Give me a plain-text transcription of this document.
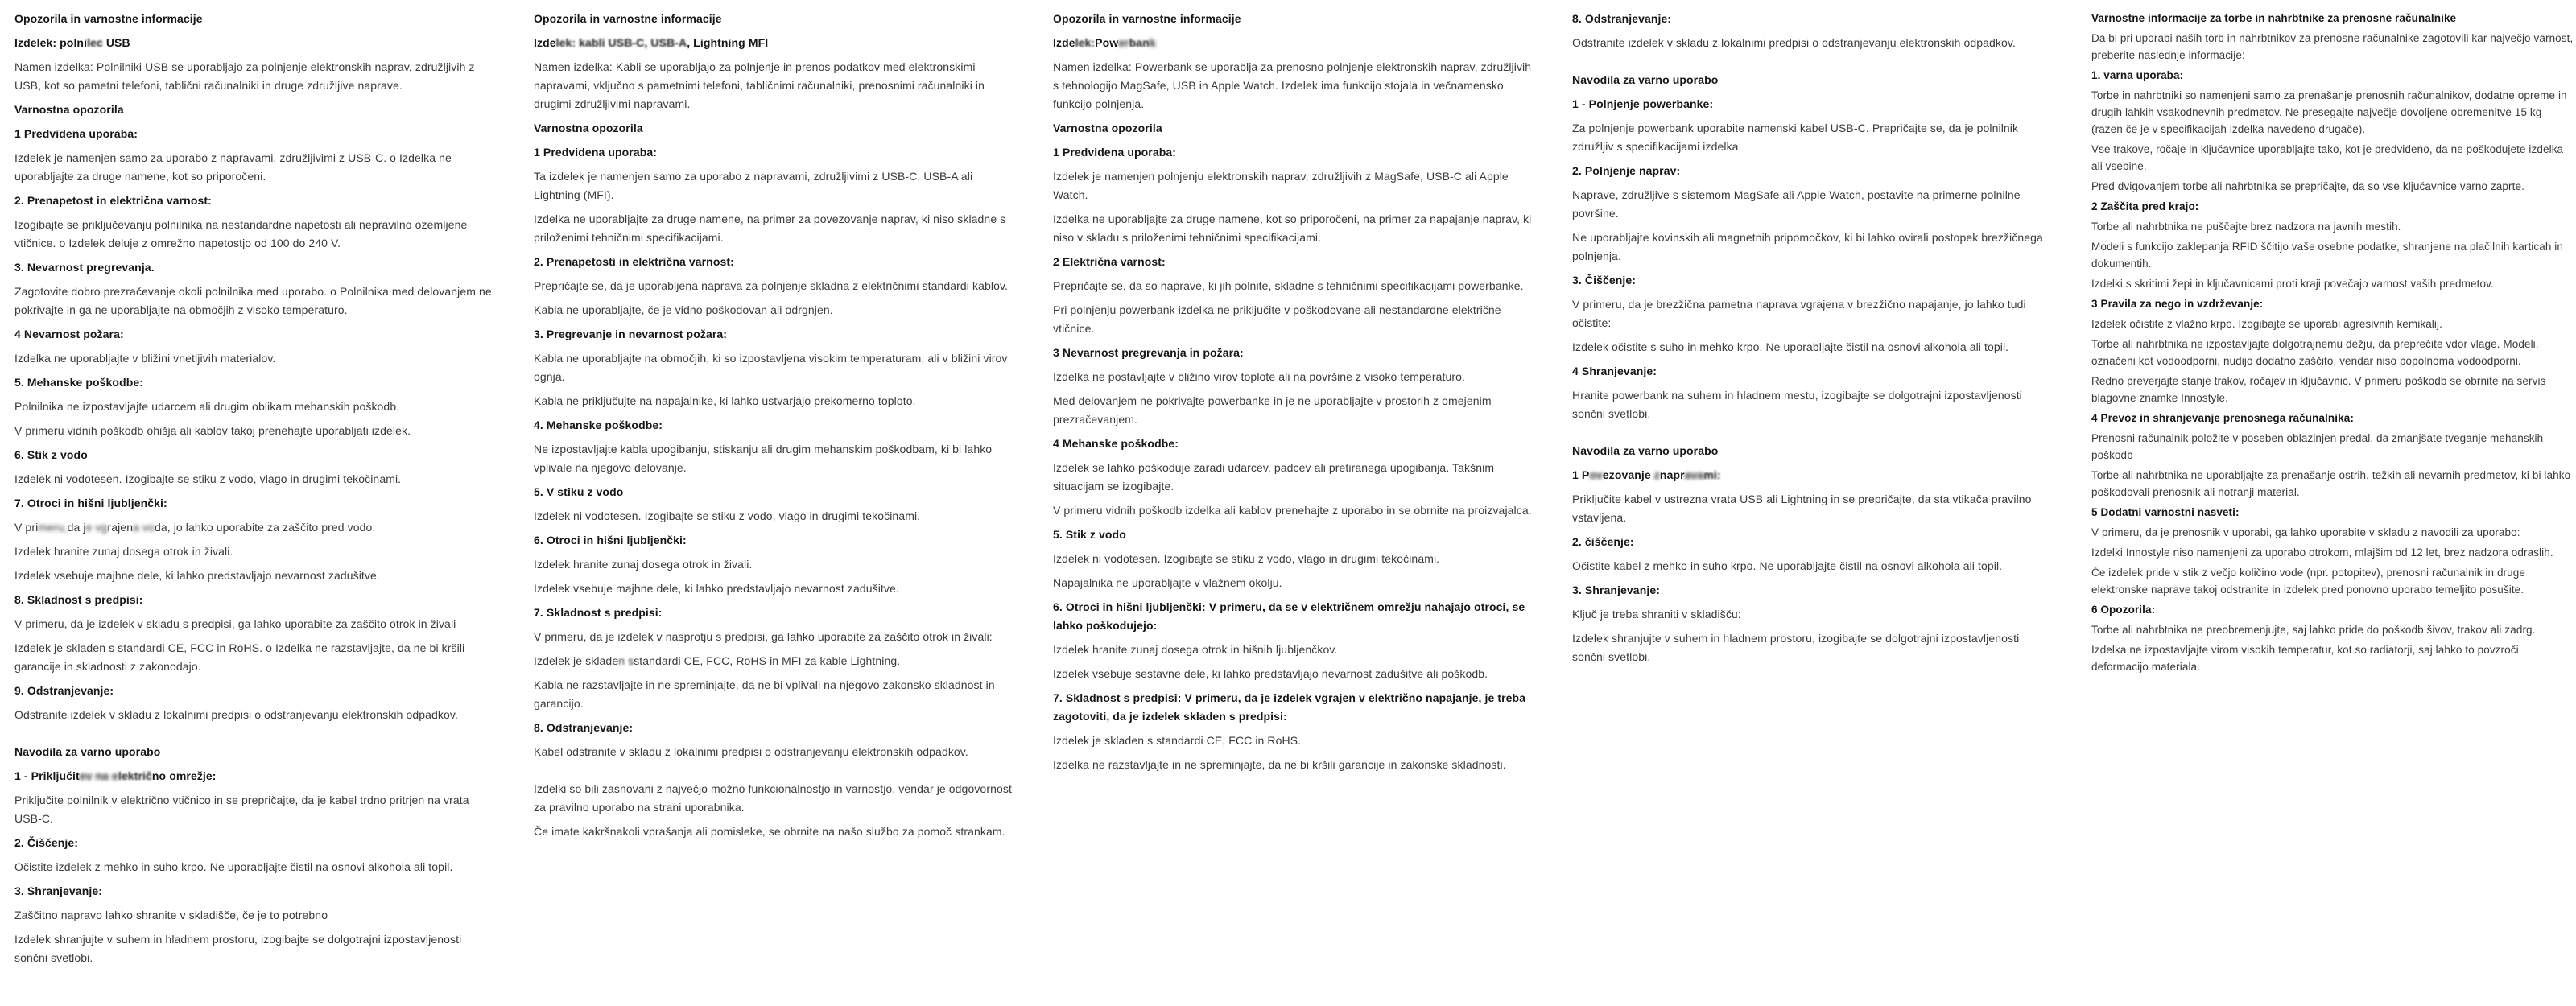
Opozorila in varnostne informacije
Izdelek: polnilec USB
Namen izdelka: Polnilniki USB se uporabljajo za polnjenje elektronskih naprav, združljivih z USB, kot so pametni telefoni, tablični računalniki in druge združljive naprave.
Varnostna opozorila
1 Predvidena uporaba:
Izdelek je namenjen samo za uporabo z napravami, združljivimi z USB-C. o Izdelka ne uporabljajte za druge namene, kot so priporočeni.
2. Prenapetost in električna varnost:
Izogibajte se priključevanju polnilnika na nestandardne napetosti ali nepravilno ozemljene vtičnice. o Izdelek deluje z omrežno napetostjo od 100 do 240 V.
3. Nevarnost pregrevanja.
Zagotovite dobro prezračevanje okoli polnilnika med uporabo. o Polnilnika med delovanjem ne pokrivajte in ga ne uporabljajte na območjih z visoko temperaturo.
4 Nevarnost požara:
Izdelka ne uporabljajte v bližini vnetljivih materialov.
5. Mehanske poškodbe:
Polnilnika ne izpostavljajte udarcem ali drugim oblikam mehanskih poškodb.
V primeru vidnih poškodb ohišja ali kablov takoj prenehajte uporabljati izdelek.
6. Stik z vodo
Izdelek ni vodotesen. Izogibajte se stiku z vodo, vlago in drugimi tekočinami.
7. Otroci in hišni ljubljenčki:
V primeru,da je vgrajena voda, jo lahko uporabite za zaščito pred vodo:
Izdelek hranite zunaj dosega otrok in živali.
Izdelek vsebuje majhne dele, ki lahko predstavljajo nevarnost zadušitve.
8. Skladnost s predpisi:
V primeru, da je izdelek v skladu s predpisi, ga lahko uporabite za zaščito otrok in živali
Izdelek je skladen s standardi CE, FCC in RoHS. o Izdelka ne razstavljajte, da ne bi kršili garancije in skladnosti z zakonodajo.
9. Odstranjevanje:
Odstranite izdelek v skladu z lokalnimi predpisi o odstranjevanju elektronskih odpadkov.
Navodila za varno uporabo
1 - Priključitev na električno omrežje:
Priključite polnilnik v električno vtičnico in se prepričajte, da je kabel trdno pritrjen na vrata USB-C.
2. Čiščenje:
Očistite izdelek z mehko in suho krpo. Ne uporabljajte čistil na osnovi alkohola ali topil.
3. Shranjevanje:
Zaščitno napravo lahko shranite v skladišče, če je to potrebno
Izdelek shranjujte v suhem in hladnem prostoru, izogibajte se dolgotrajni izpostavljenosti sončni svetlobi.
Opozorila in varnostne informacije
Izdelek: kabli USB-C, USB-A, Lightning MFI
Namen izdelka: Kabli se uporabljajo za polnjenje in prenos podatkov med elektronskimi napravami, vključno s pametnimi telefoni, tabličnimi računalniki, prenosnimi računalniki in drugimi združljivimi napravami.
Varnostna opozorila
1 Predvidena uporaba:
Ta izdelek je namenjen samo za uporabo z napravami, združljivimi z USB-C, USB-A ali Lightning (MFI).
Izdelka ne uporabljajte za druge namene, na primer za povezovanje naprav, ki niso skladne s priloženimi tehničnimi specifikacijami.
2. Prenapetosti in električna varnost:
Prepričajte se, da je uporabljena naprava za polnjenje skladna z električnimi standardi kablov.
Kabla ne uporabljajte, če je vidno poškodovan ali odrgnjen.
3. Pregrevanje in nevarnost požara:
Kabla ne uporabljajte na območjih, ki so izpostavljena visokim temperaturam, ali v bližini virov ognja.
Kabla ne priključujte na napajalnike, ki lahko ustvarjajo prekomerno toploto.
4. Mehanske poškodbe:
Ne izpostavljajte kabla upogibanju, stiskanju ali drugim mehanskim poškodbam, ki bi lahko vplivale na njegovo delovanje.
5. V stiku z vodo
Izdelek ni vodotesen. Izogibajte se stiku z vodo, vlago in drugimi tekočinami.
6. Otroci in hišni ljubljenčki:
Izdelek hranite zunaj dosega otrok in živali.
Izdelek vsebuje majhne dele, ki lahko predstavljajo nevarnost zadušitve.
7. Skladnost s predpisi:
V primeru, da je izdelek v nasprotju s predpisi, ga lahko uporabite za zaščito otrok in živali:
Izdelek je skladen sstandardi CE, FCC, RoHS in MFI za kable Lightning.
Kabla ne razstavljajte in ne spreminjajte, da ne bi vplivali na njegovo zakonsko skladnost in garancijo.
8. Odstranjevanje:
Kabel odstranite v skladu z lokalnimi predpisi o odstranjevanju elektronskih odpadkov.
Izdelki so bili zasnovani z največjo možno funkcionalnostjo in varnostjo, vendar je odgovornost za pravilno uporabo na strani uporabnika.
Če imate kakršnakoli vprašanja ali pomisleke, se obrnite na našo službo za pomoč strankam.
Opozorila in varnostne informacije
Izdelek:Powerbank
Namen izdelka: Powerbank se uporablja za prenosno polnjenje elektronskih naprav, združljivih s tehnologijo MagSafe, USB in Apple Watch. Izdelek ima funkcijo stojala in večnamensko funkcijo polnjenja.
Varnostna opozorila
1 Predvidena uporaba:
Izdelek je namenjen polnjenju elektronskih naprav, združljivih z MagSafe, USB-C ali Apple Watch.
Izdelka ne uporabljajte za druge namene, kot so priporočeni, na primer za napajanje naprav, ki niso v skladu s priloženimi tehničnimi specifikacijami.
2 Električna varnost:
Prepričajte se, da so naprave, ki jih polnite, skladne s tehničnimi specifikacijami powerbanke.
Pri polnjenju powerbank izdelka ne priključite v poškodovane ali nestandardne električne vtičnice.
3 Nevarnost pregrevanja in požara:
Izdelka ne postavljajte v bližino virov toplote ali na površine z visoko temperaturo.
Med delovanjem ne pokrivajte powerbanke in je ne uporabljajte v prostorih z omejenim prezračevanjem.
4 Mehanske poškodbe:
Izdelek se lahko poškoduje zaradi udarcev, padcev ali pretiranega upogibanja. Takšnim situacijam se izogibajte.
V primeru vidnih poškodb izdelka ali kablov prenehajte z uporabo in se obrnite na proizvajalca.
5. Stik z vodo
Izdelek ni vodotesen. Izogibajte se stiku z vodo, vlago in drugimi tekočinami.
Napajalnika ne uporabljajte v vlažnem okolju.
6. Otroci in hišni ljubljenčki: V primeru, da se v električnem omrežju nahajajo otroci, se lahko poškodujejo:
Izdelek hranite zunaj dosega otrok in hišnih ljubljenčkov.
Izdelek vsebuje sestavne dele, ki lahko predstavljajo nevarnost zadušitve ali poškodb.
7. Skladnost s predpisi: V primeru, da je izdelek vgrajen v električno napajanje, je treba zagotoviti, da je izdelek skladen s predpisi:
Izdelek je skladen s standardi CE, FCC in RoHS.
Izdelka ne razstavljajte in ne spreminjajte, da ne bi kršili garancije in zakonske skladnosti.
8. Odstranjevanje:
Odstranite izdelek v skladu z lokalnimi predpisi o odstranjevanju elektronskih odpadkov.
Navodila za varno uporabo
1 - Polnjenje powerbanke:
Za polnjenje powerbank uporabite namenski kabel USB-C. Prepričajte se, da je polnilnik združljiv s specifikacijami izdelka.
2. Polnjenje naprav:
Naprave, združljive s sistemom MagSafe ali Apple Watch, postavite na primerne polnilne površine.
Ne uporabljajte kovinskih ali magnetnih pripomočkov, ki bi lahko ovirali postopek brezžičnega polnjenja.
3. Čiščenje:
V primeru, da je brezžična pametna naprava vgrajena v brezžično napajanje, jo lahko tudi očistite:
Izdelek očistite s suho in mehko krpo. Ne uporabljajte čistil na osnovi alkohola ali topil.
4 Shranjevanje:
Hranite powerbank na suhem in hladnem mestu, izogibajte se dolgotrajni izpostavljenosti sončni svetlobi.
Navodila za varno uporabo
1 Povezovanje znapravami:
Priključite kabel v ustrezna vrata USB ali Lightning in se prepričajte, da sta vtikača pravilno vstavljena.
2. čiščenje:
Očistite kabel z mehko in suho krpo. Ne uporabljajte čistil na osnovi alkohola ali topil.
3. Shranjevanje:
Ključ je treba shraniti v skladišču:
Izdelek shranjujte v suhem in hladnem prostoru, izogibajte se dolgotrajni izpostavljenosti sončni svetlobi.
Varnostne informacije za torbe in nahrbtnike za prenosne računalnike
Da bi pri uporabi naših torb in nahrbtnikov za prenosne računalnike zagotovili kar največjo varnost, preberite naslednje informacije:
1. varna uporaba:
Torbe in nahrbtniki so namenjeni samo za prenašanje prenosnih računalnikov, dodatne opreme in drugih lahkih vsakodnevnih predmetov. Ne presegajte največje dovoljene obremenitve 15 kg (razen če je v specifikacijah izdelka navedeno drugače).
Vse trakove, ročaje in ključavnice uporabljajte tako, kot je predvideno, da ne poškodujete izdelka ali vsebine.
Pred dvigovanjem torbe ali nahrbtnika se prepričajte, da so vse ključavnice varno zaprte.
2 Zaščita pred krajo:
Torbe ali nahrbtnika ne puščajte brez nadzora na javnih mestih.
Modeli s funkcijo zaklepanja RFID ščitijo vaše osebne podatke, shranjene na plačilnih karticah in dokumentih.
Izdelki s skritimi žepi in ključavnicami proti kraji povečajo varnost vaših predmetov.
3 Pravila za nego in vzdrževanje:
Izdelek očistite z vlažno krpo. Izogibajte se uporabi agresivnih kemikalij.
Torbe ali nahrbtnika ne izpostavljajte dolgotrajnemu dežju, da preprečite vdor vlage. Modeli, označeni kot vodoodporni, nudijo dodatno zaščito, vendar niso popolnoma vodoodporni.
Redno preverjajte stanje trakov, ročajev in ključavnic. V primeru poškodb se obrnite na servis blagovne znamke Innostyle.
4 Prevoz in shranjevanje prenosnega računalnika:
Prenosni računalnik položite v poseben oblazinjen predal, da zmanjšate tveganje mehanskih poškodb
Torbe ali nahrbtnika ne uporabljajte za prenašanje ostrih, težkih ali nevarnih predmetov, ki bi lahko poškodovali prenosnik ali notranji material.
5 Dodatni varnostni nasveti:
V primeru, da je prenosnik v uporabi, ga lahko uporabite v skladu z navodili za uporabo:
Izdelki Innostyle niso namenjeni za uporabo otrokom, mlajšim od 12 let, brez nadzora odraslih.
Če izdelek pride v stik z večjo količino vode (npr. potopitev), prenosni računalnik in druge elektronske naprave takoj odstranite in izdelek pred ponovno uporabo temeljito posušite.
6 Opozorila:
Torbe ali nahrbtnika ne preobremenjujte, saj lahko pride do poškodb šivov, trakov ali zadrg.
Izdelka ne izpostavljajte virom visokih temperatur, kot so radiatorji, saj lahko to povzroči deformacijo materiala.
